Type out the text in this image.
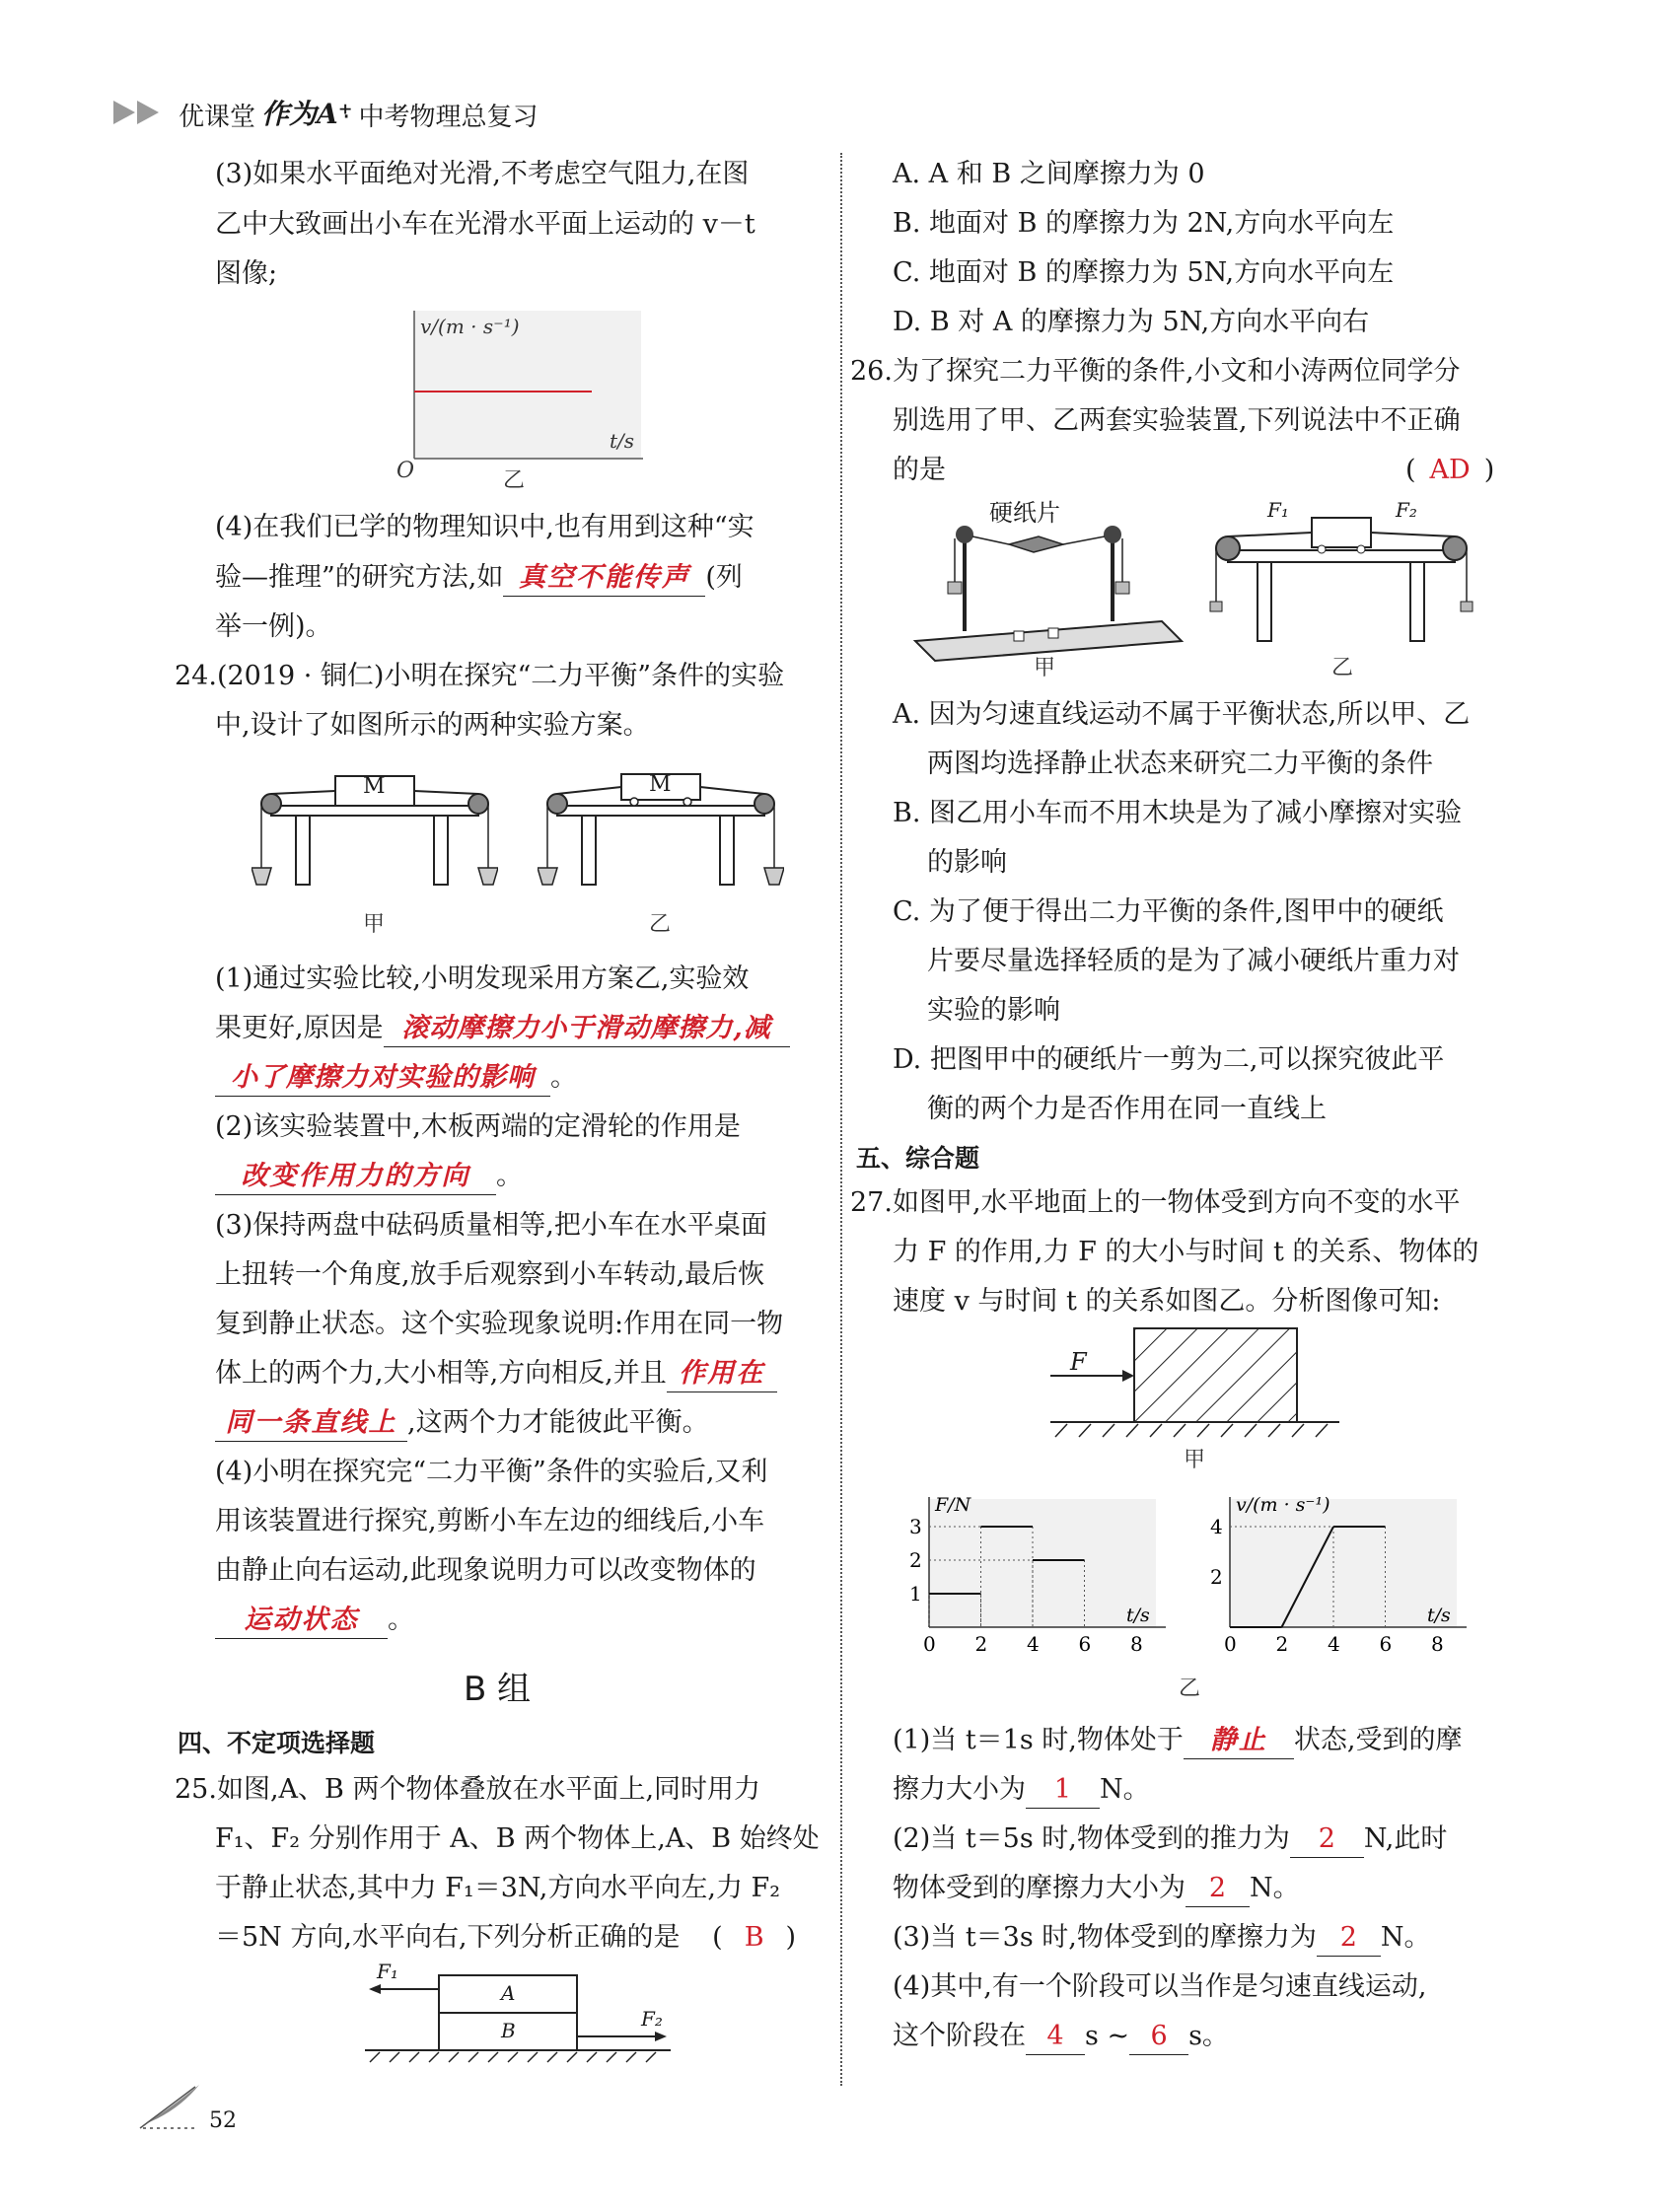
优课堂 作为A⁺
· 中考物理总复习
(3)如果水平面绝对光滑,不考虑空气阻力,在图
乙中大致画出小车在光滑水平面上运动的 v－t
图像;
v/(m · s⁻¹)
t/s
O	乙
(4)在我们已学的物理知识中,也有用到这种“实
验—推理”的研究方法,如 真空不能传声 (列
举一例)。
24.(2019 · 铜仁)小明在探究“二力平衡”条件的实验
中,设计了如图所示的两种实验方案。
M
甲
M
乙
(1)通过实验比较,小明发现采用方案乙,实验效
果更好,原因是 滚动摩擦力小于滑动摩擦力,减
小了摩擦力对实验的影响 。
(2)该实验装置中,木板两端的定滑轮的作用是
改变作用力的方向 。
(3)保持两盘中砝码质量相等,把小车在水平桌面
上扭转一个角度,放手后观察到小车转动,最后恢
复到静止状态。这个实验现象说明:作用在同一物
体上的两个力,大小相等,方向相反,并且 作用在
同一条直线上 ,这两个力才能彼此平衡。
(4)小明在探究完“二力平衡”条件的实验后,又利
用该装置进行探究,剪断小车左边的细线后,小车
由静止向右运动,此现象说明力可以改变物体的
运动状态 。
B 组
四、不定项选择题
25.如图,A、B 两个物体叠放在水平面上,同时用力
F₁、F₂ 分别作用于 A、B 两个物体上,A、B 始终处
于静止状态,其中力 F₁＝3N,方向水平向左,力 F₂
＝5N 方向,水平向右,下列分析正确的是 ( B )
A
B
F₁
F₂
52
A. A 和 B 之间摩擦力为 0
B. 地面对 B 的摩擦力为 2N,方向水平向左
C. 地面对 B 的摩擦力为 5N,方向水平向左
D. B 对 A 的摩擦力为 5N,方向水平向右
26.为了探究二力平衡的条件,小文和小涛两位同学分
别选用了甲、乙两套实验装置,下列说法中不正确
的是	( AD )
硬纸片
甲
F₁	F₂
乙
A. 因为匀速直线运动不属于平衡状态,所以甲、乙
两图均选择静止状态来研究二力平衡的条件
B. 图乙用小车而不用木块是为了减小摩擦对实验
的影响
C. 为了便于得出二力平衡的条件,图甲中的硬纸
片要尽量选择轻质的是为了减小硬纸片重力对
实验的影响
D. 把图甲中的硬纸片一剪为二,可以探究彼此平
衡的两个力是否作用在同一直线上
五、综合题
27.如图甲,水平地面上的一物体受到方向不变的水平
力 F 的作用,力 F 的大小与时间 t 的关系、物体的
速度 v 与时间 t 的关系如图乙。分析图像可知:
F
甲
F/N
t/s
0 2 4 6 8
1
2
3
v/(m · s⁻¹)
t/s
0 2 4 6 8
2
4
乙
(1)当 t＝1s 时,物体处于 静止 状态,受到的摩
擦力大小为 1 N。
(2)当 t＝5s 时,物体受到的推力为 2 N,此时
物体受到的摩擦力大小为 2 N。
(3)当 t＝3s 时,物体受到的摩擦力为 2 N。
(4)其中,有一个阶段可以当作是匀速直线运动,
这个阶段在 4 s ~ 6 s。
